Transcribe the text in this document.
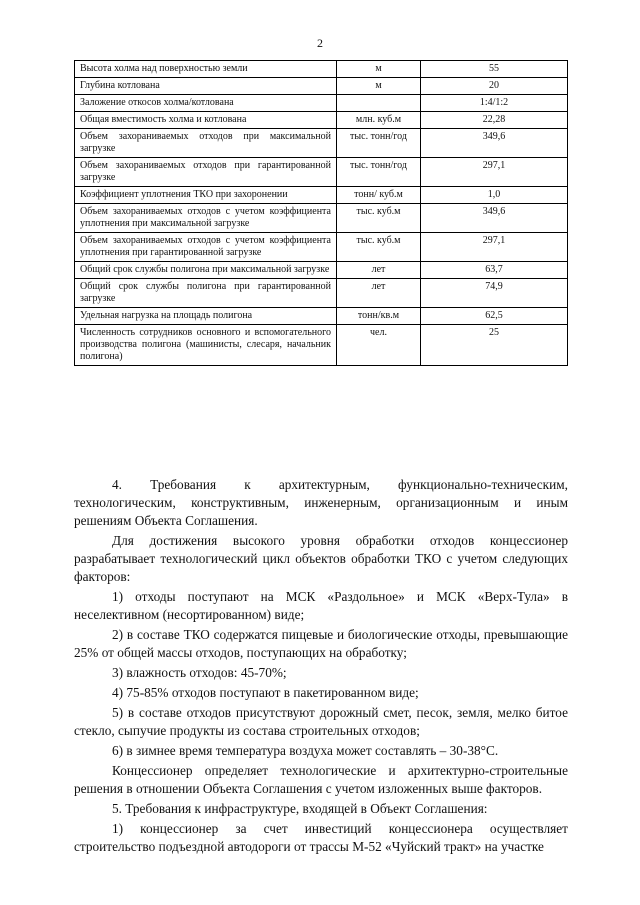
2
Высота холма над поверхностью земли	м	55
Глубина котлована	м	20
Заложение откосов холма/котлована		1:4/1:2
Общая вместимость холма и котлована	млн. куб.м	22,28
Объем захораниваемых отходов при максимальной загрузке	тыс. тонн/год	349,6
Объем захораниваемых отходов при гарантированной загрузке	тыс. тонн/год	297,1
Коэффициент уплотнения ТКО при захоронении	тонн/ куб.м	1,0
Объем захораниваемых отходов с учетом коэффициента уплотнения при максимальной загрузке	тыс. куб.м	349,6
Объем захораниваемых отходов с учетом коэффициента уплотнения при гарантированной загрузке	тыс. куб.м	297,1
Общий срок службы полигона при максимальной загрузке	лет	63,7
Общий срок службы полигона при гарантированной загрузке	лет	74,9
Удельная нагрузка на площадь полигона	тонн/кв.м	62,5
Численность сотрудников основного и вспомогательного производства полигона (машинисты, слесаря, начальник полигона)	чел.	25

4. Требования к архитектурным, функционально-техническим, технологическим, конструктивным, инженерным, организационным и иным решениям Объекта Соглашения.

Для достижения высокого уровня обработки отходов концессионер разрабатывает технологический цикл объектов обработки ТКО с учетом следующих факторов:

1) отходы поступают на МСК «Раздольное» и МСК «Верх-Тула» в неселективном (несортированном) виде;

2) в составе ТКО содержатся пищевые и биологические отходы, превышающие 25% от общей массы отходов, поступающих на обработку;

3) влажность отходов: 45-70%;

4) 75-85% отходов поступают в пакетированном виде;

5) в составе отходов присутствуют дорожный смет, песок, земля, мелко битое стекло, сыпучие продукты из состава строительных отходов;

6) в зимнее время температура воздуха может составлять – 30-38°С.

Концессионер определяет технологические и архитектурно-строительные решения в отношении Объекта Соглашения с учетом изложенных выше факторов.

5. Требования к инфраструктуре, входящей в Объект Соглашения:

1) концессионер за счет инвестиций концессионера осуществляет строительство подъездной автодороги от трассы М-52 «Чуйский тракт» на участке
